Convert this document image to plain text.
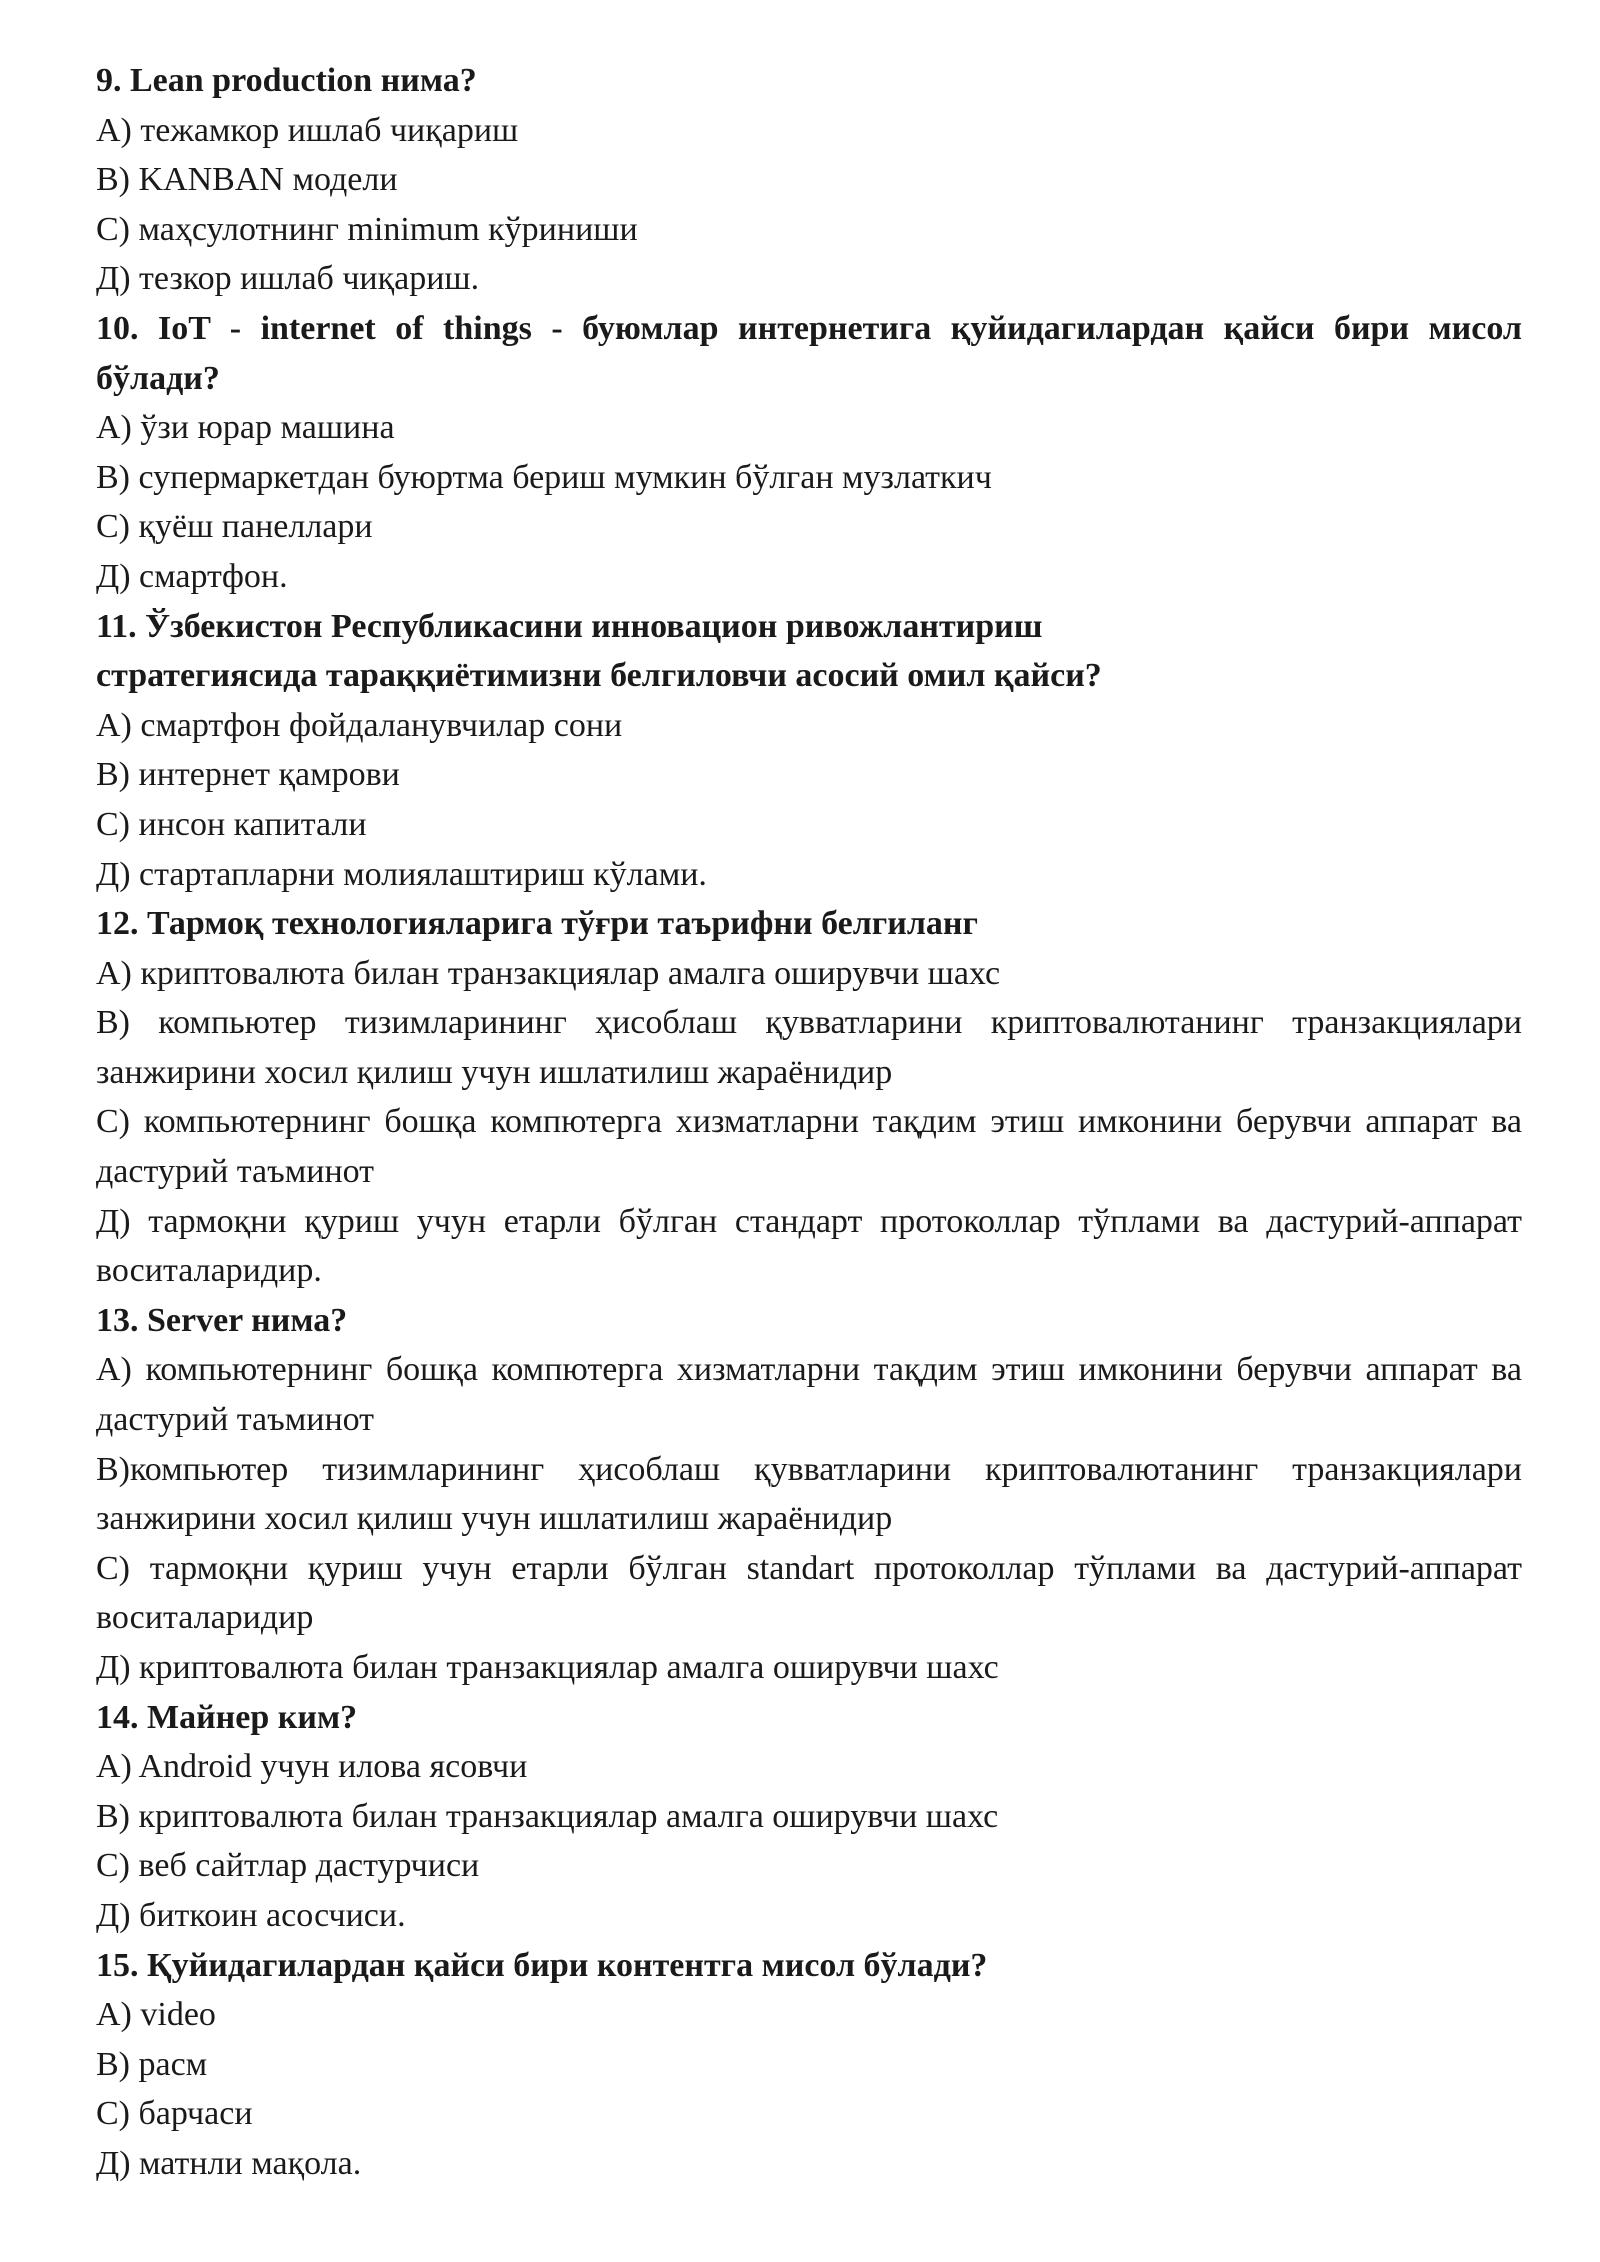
9. Lean production нима?

A) тежамкор ишлаб чиқариш

B) KANBAN модели

C) маҳсулотнинг minimum кўриниши

Д) тезкор ишлаб чиқариш.

10. IoT - internet of things - буюмлар интернетига қуйидагилардан қайси бири мисол бўлади?

A) ўзи юрар машина

B) супермаркетдан буюртма бериш мумкин бўлган музлаткич

C) қуёш панеллари

Д) смартфон.

11. Ўзбекистон Республикасини инновацион ривожлантириш стратегиясида тараққиётимизни белгиловчи асосий омил қайси?

A) смартфон фойдаланувчилар сони

B) интернет қамрови

C) инсон капитали

Д) стартапларни молиялаштириш кўлами.

12. Тармоқ технологияларига тўғри таърифни белгиланг

A) криптовалюта билан транзакциялар амалга оширувчи шахс

B) компьютер тизимларининг ҳисоблаш қувватларини криптовалютанинг транзакциялари занжирини хосил қилиш учун ишлатилиш жараёнидир

C) компьютернинг бошқа компютерга хизматларни тақдим этиш имконини берувчи аппарат ва дастурий таъминот

Д) тармоқни қуриш учун етарли бўлган стандарт протоколлар тўплами ва дастурий-аппарат воситаларидир.

13. Server нима?

A) компьютернинг бошқа компютерга хизматларни тақдим этиш имконини берувчи аппарат ва дастурий таъминот

B)компьютер тизимларининг ҳисоблаш қувватларини криптовалютанинг транзакциялари занжирини хосил қилиш учун ишлатилиш жараёнидир

C) тармоқни қуриш учун етарли бўлган standart протоколлар тўплами ва дастурий-аппарат воситаларидир

Д) криптовалюта билан транзакциялар амалга оширувчи шахс

14. Майнер ким?

A) Android учун илова ясовчи

B) криптовалюта билан транзакциялар амалга оширувчи шахс

C) веб сайтлар дастурчиси

Д) биткоин асосчиси.

15. Қуйидагилардан қайси бири контентга мисол бўлади?

A) video

B) расм

C) барчаси

Д) матнли мақола.
